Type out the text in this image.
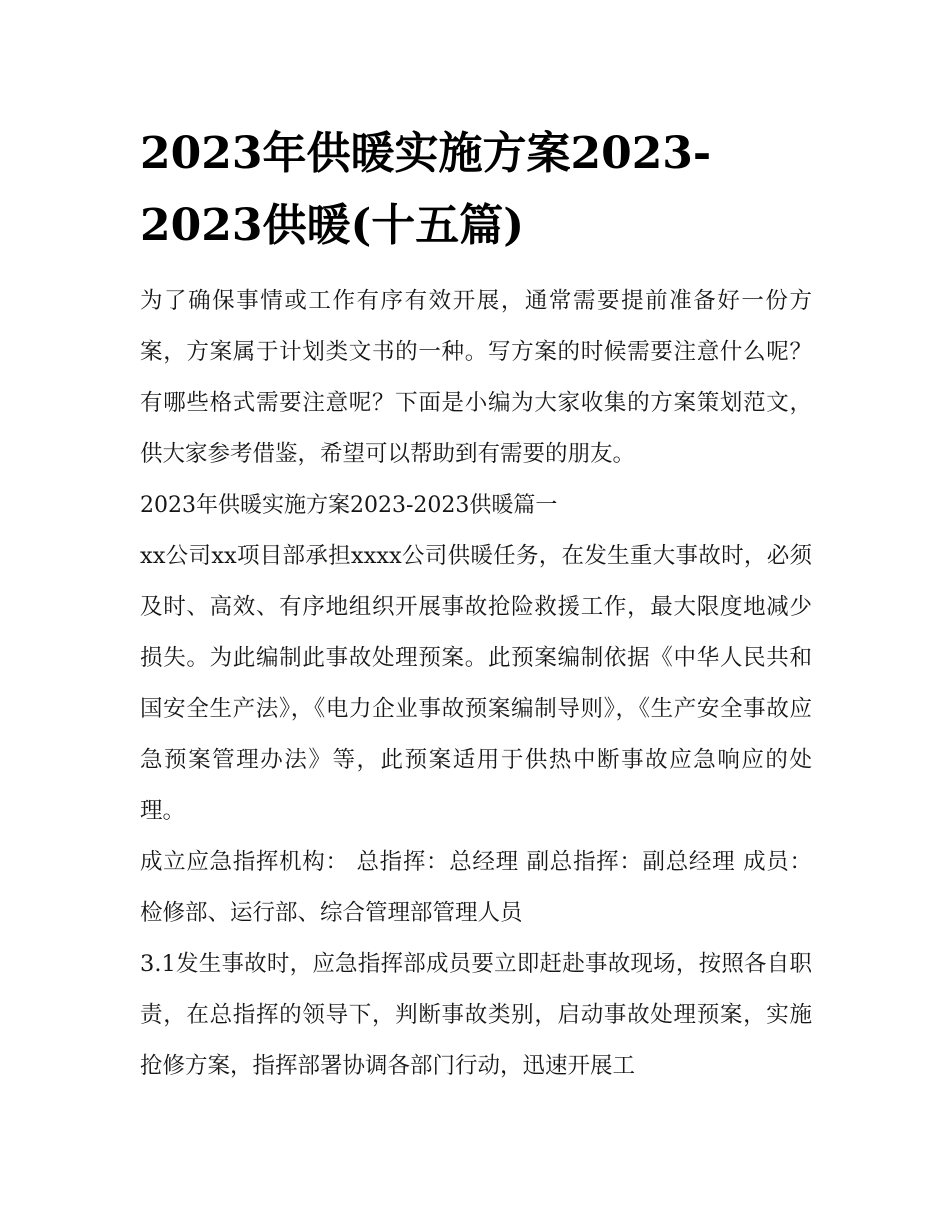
2023年供暖实施方案2023-2023供暖(十五篇)

为了确保事情或工作有序有效开展，通常需要提前准备好一份方案，方案属于计划类文书的一种。写方案的时候需要注意什么呢？有哪些格式需要注意呢？下面是小编为大家收集的方案策划范文，供大家参考借鉴，希望可以帮助到有需要的朋友。

2023年供暖实施方案2023-2023供暖篇一

xx公司xx项目部承担xxxx公司供暖任务，在发生重大事故时，必须及时、高效、有序地组织开展事故抢险救援工作，最大限度地减少损失。为此编制此事故处理预案。此预案编制依据《中华人民共和国安全生产法》，《电力企业事故预案编制导则》，《生产安全事故应急预案管理办法》等，此预案适用于供热中断事故应急响应的处理。

成立应急指挥机构： 总指挥：总经理 副总指挥：副总经理 成员：检修部、运行部、综合管理部管理人员

3.1发生事故时，应急指挥部成员要立即赶赴事故现场，按照各自职责，在总指挥的领导下，判断事故类别，启动事故处理预案，实施抢修方案，指挥部署协调各部门行动，迅速开展工
